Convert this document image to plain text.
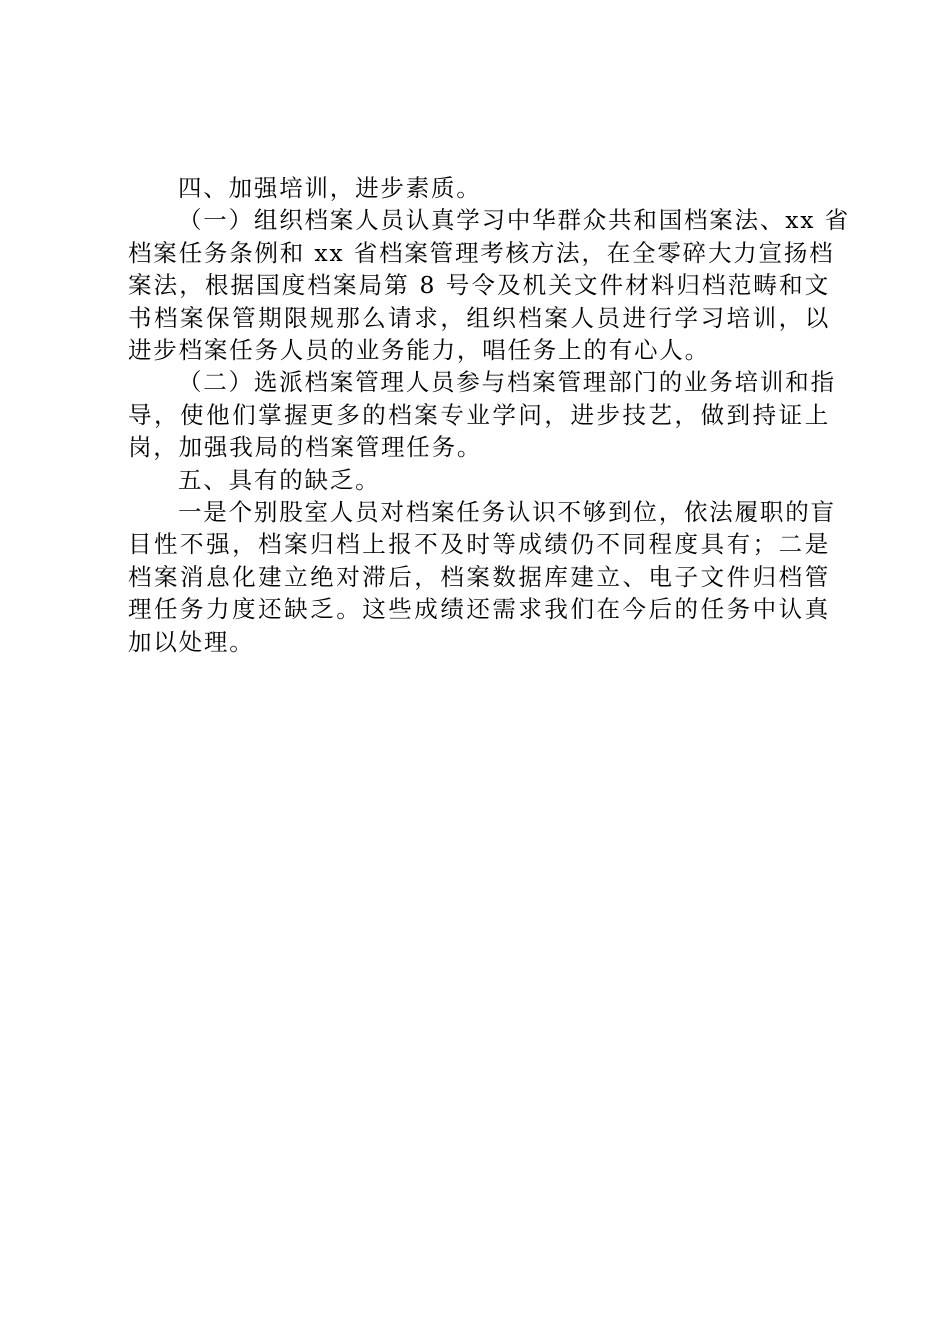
四、加强培训，进步素质。
（一）组织档案人员认真学习中华群众共和国档案法、xx 省
档案任务条例和 xx 省档案管理考核方法，在全零碎大力宣扬档
案法，根据国度档案局第 8 号令及机关文件材料归档范畴和文
书档案保管期限规那么请求，组织档案人员进行学习培训，以
进步档案任务人员的业务能力，唱任务上的有心人。
（二）选派档案管理人员参与档案管理部门的业务培训和指
导，使他们掌握更多的档案专业学问，进步技艺，做到持证上
岗，加强我局的档案管理任务。
五、具有的缺乏。
一是个别股室人员对档案任务认识不够到位，依法履职的盲
目性不强，档案归档上报不及时等成绩仍不同程度具有；二是
档案消息化建立绝对滞后，档案数据库建立、电子文件归档管
理任务力度还缺乏。这些成绩还需求我们在今后的任务中认真
加以处理。
